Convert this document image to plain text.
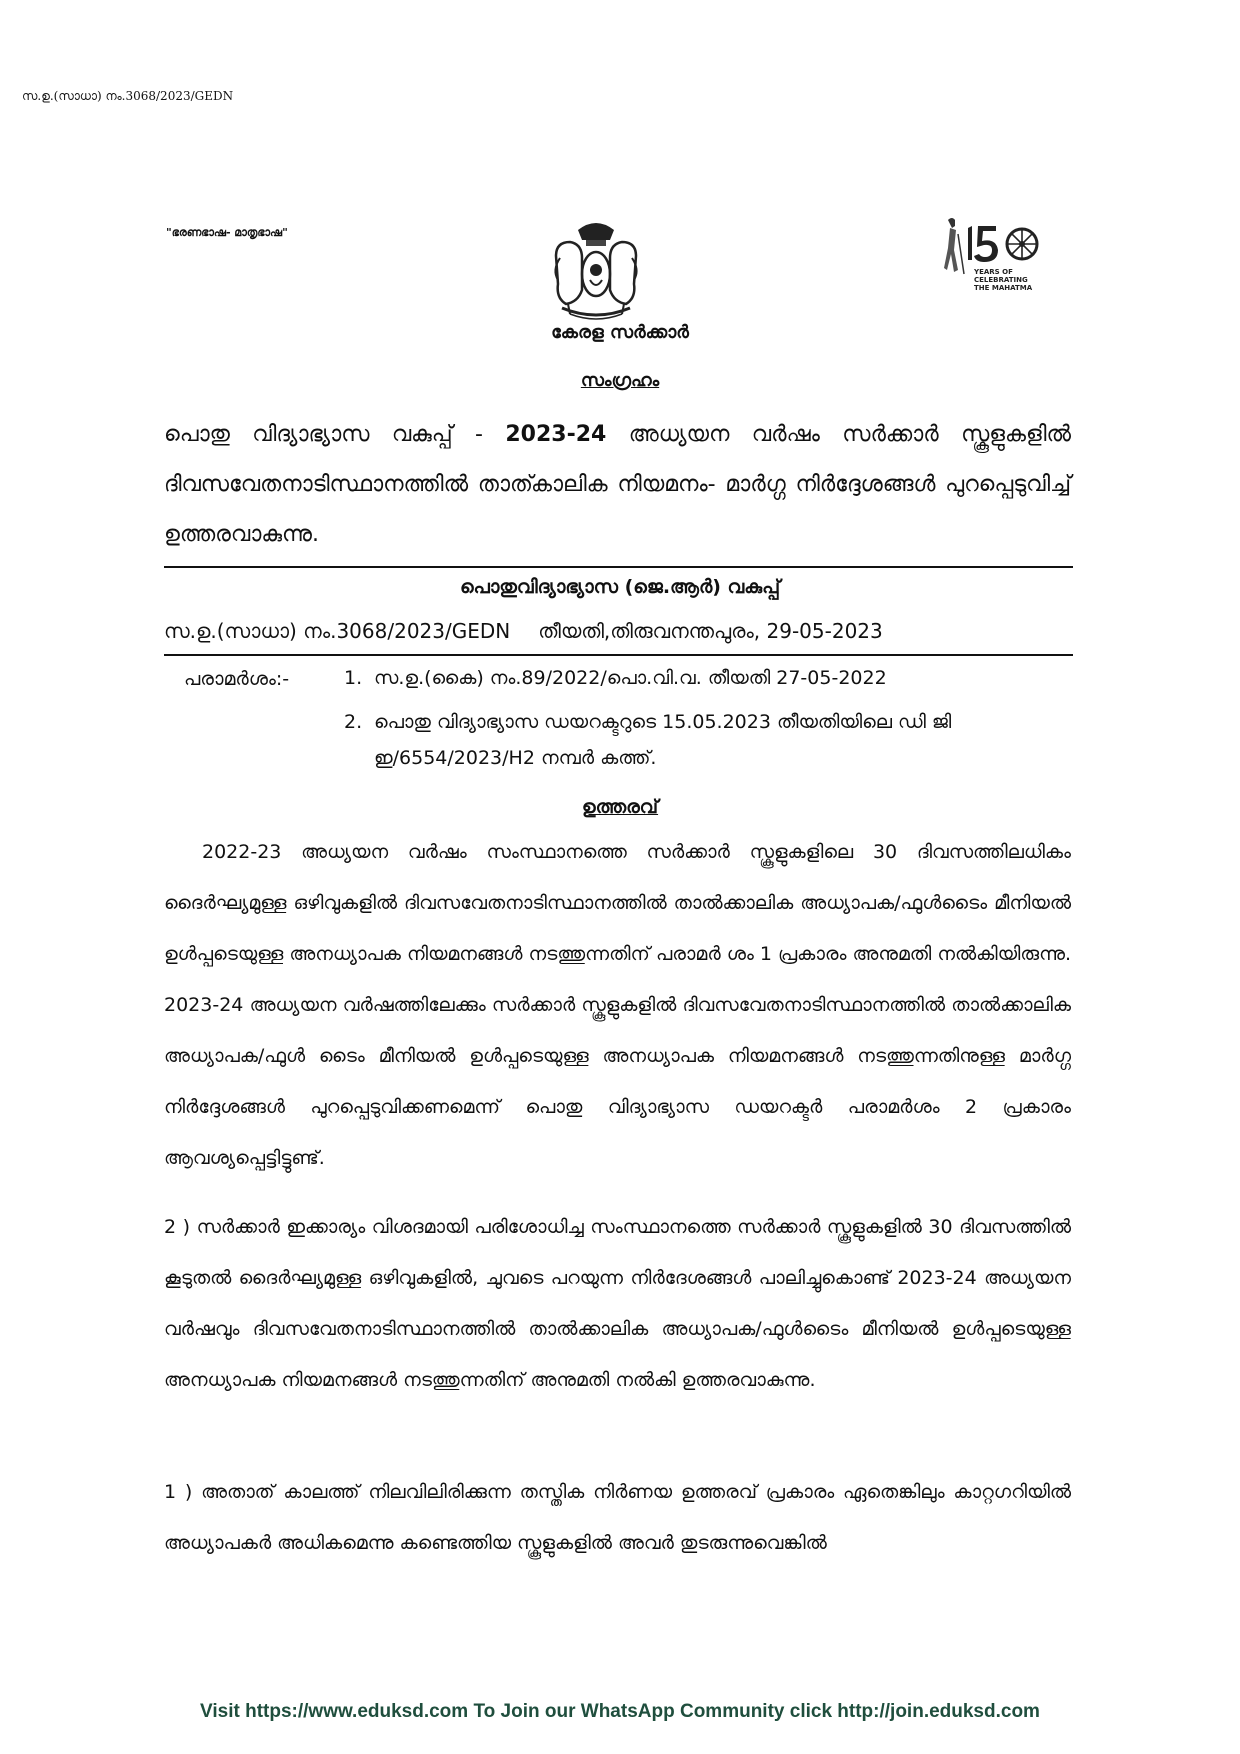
സ.ഉ.(സാധാ) നം.3068/2023/GEDN
"ഭരണഭാഷ- മാതൃഭാഷ"
YEARS OF
CELEBRATING
THE MAHATMA
കേരള സർക്കാർ
സംഗ്രഹം
പൊതു വിദ്യാഭ്യാസ വകുപ്പ് - 2023-24 അധ്യയന വർഷം സർക്കാർ സ്കൂളുകളിൽ ദിവസവേതനാടിസ്ഥാനത്തിൽ താത്കാലിക നിയമനം- മാർഗ്ഗ നിർദ്ദേശങ്ങൾ പുറപ്പെടുവിച്ച് ഉത്തരവാകുന്നു.
പൊതുവിദ്യാഭ്യാസ (ജെ.ആർ) വകുപ്പ്
സ.ഉ.(സാധാ) നം.3068/2023/GEDN തീയതി,തിരുവനന്തപുരം, 29-05-2023
പരാമർശം:-	1. സ.ഉ.(കൈ) നം.89/2022/പൊ.വി.വ. തീയതി 27-05-2022
2. പൊതു വിദ്യാഭ്യാസ ഡയറക്ടറുടെ 15.05.2023 തീയതിയിലെ ഡി ജി ഇ/6554/2023/H2 നമ്പർ കത്ത്.
ഉത്തരവ്
2022-23 അധ്യയന വർഷം സംസ്ഥാനത്തെ സർക്കാർ സ്കൂളുകളിലെ 30 ദിവസത്തിലധികം ദൈർഘ്യമുള്ള ഒഴിവുകളിൽ ദിവസവേതനാടിസ്ഥാനത്തിൽ താൽക്കാലിക അധ്യാപക/ഫുൾടൈം മീനിയൽ ഉൾപ്പടെയുള്ള അനധ്യാപക നിയമനങ്ങൾ നടത്തുന്നതിന് പരാമർ ശം 1 പ്രകാരം അനുമതി നൽകിയിരുന്നു. 2023-24 അധ്യയന വർഷത്തിലേക്കും സർക്കാർ സ്കൂളുകളിൽ ദിവസവേതനാടിസ്ഥാനത്തിൽ താൽക്കാലിക അധ്യാപക/ഫുൾ ടൈം മീനിയൽ ഉൾപ്പടെയുള്ള അനധ്യാപക നിയമനങ്ങൾ നടത്തുന്നതിനുള്ള മാർഗ്ഗ നിർദ്ദേശങ്ങൾ പുറപ്പെടുവിക്കണമെന്ന് പൊതു വിദ്യാഭ്യാസ ഡയറക്ടർ പരാമർശം 2 പ്രകാരം ആവശ്യപ്പെട്ടിട്ടുണ്ട്.
2 ) സർക്കാർ ഇക്കാര്യം വിശദമായി പരിശോധിച്ച സംസ്ഥാനത്തെ സർക്കാർ സ്കൂളുകളിൽ 30 ദിവസത്തിൽ കൂടുതൽ ദൈർഘ്യമുള്ള ഒഴിവുകളിൽ, ചുവടെ പറയുന്ന നിർദേശങ്ങൾ പാലിച്ചുകൊണ്ട് 2023-24 അധ്യയന വർഷവും ദിവസവേതനാടിസ്ഥാനത്തിൽ താൽക്കാലിക അധ്യാപക/ഫുൾടൈം മീനിയൽ ഉൾപ്പടെയുള്ള അനധ്യാപക നിയമനങ്ങൾ നടത്തുന്നതിന് അനുമതി നൽകി ഉത്തരവാകുന്നു.
1 ) അതാത് കാലത്ത് നിലവിലിരിക്കുന്ന തസ്തിക നിർണയ ഉത്തരവ് പ്രകാരം ഏതെങ്കിലും കാറ്റഗറിയിൽ അധ്യാപകർ അധികമെന്നു കണ്ടെത്തിയ സ്കൂളുകളിൽ അവർ തുടരുന്നുവെങ്കിൽ
Visit https://www.eduksd.com To Join our WhatsApp Community click http://join.eduksd.com
